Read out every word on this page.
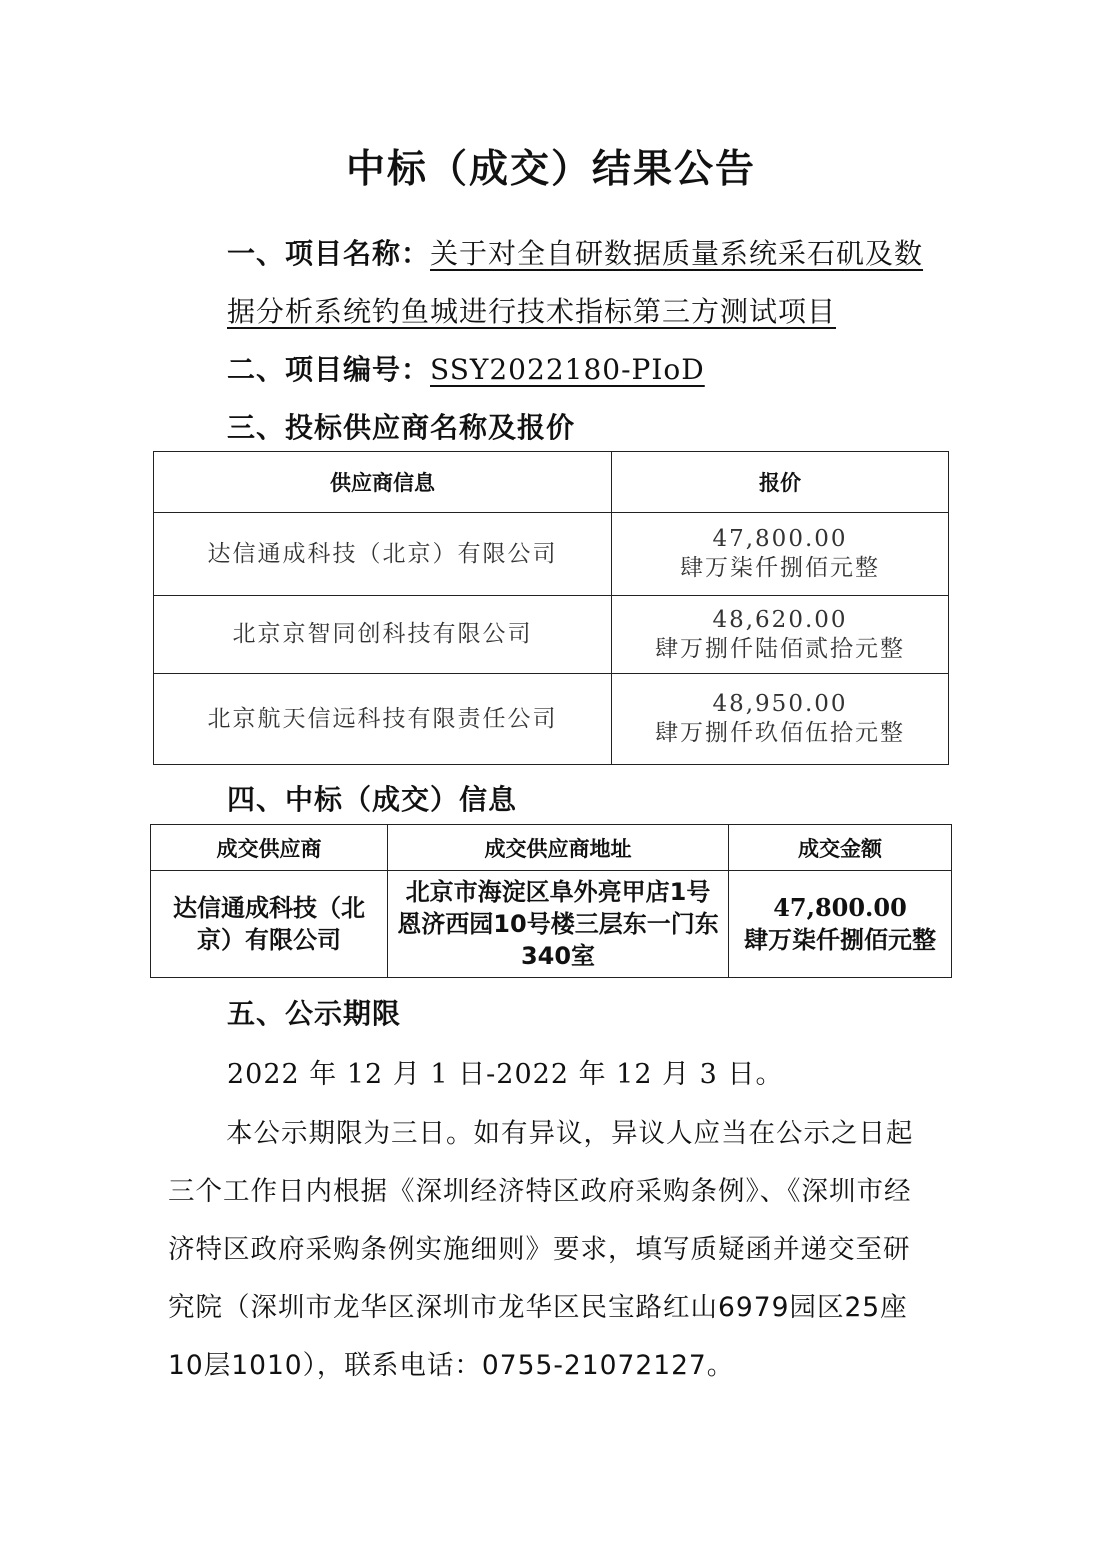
中标（成交）结果公告
一、项目名称：关于对全自研数据质量系统采石矶及数
据分析系统钓鱼城进行技术指标第三方测试项目
二、项目编号：SSY2022180-PIoD
三、投标供应商名称及报价
供应商信息	报价
达信通成科技（北京）有限公司	47,800.00
肆万柒仟捌佰元整

北京京智同创科技有限公司	48,620.00
肆万捌仟陆佰贰拾元整

北京航天信远科技有限责任公司	48,950.00
肆万捌仟玖佰伍拾元整
四、中标（成交）信息
成交供应商	成交供应商地址	成交金额
达信通成科技（北京）有限公司	北京市海淀区阜外亮甲店1号恩济西园10号楼三层东一门东340室	47,800.00
肆万柒仟捌佰元整
五、公示期限
2022 年 12 月 1 日-2022 年 12 月 3 日。
本公示期限为三日。如有异议，异议人应当在公示之日起三个工作日内根据《深圳经济特区政府采购条例》、《深圳市经济特区政府采购条例实施细则》要求，填写质疑函并递交至研究院（深圳市龙华区深圳市龙华区民宝路红山6979园区25座10层1010），联系电话：0755-21072127。
